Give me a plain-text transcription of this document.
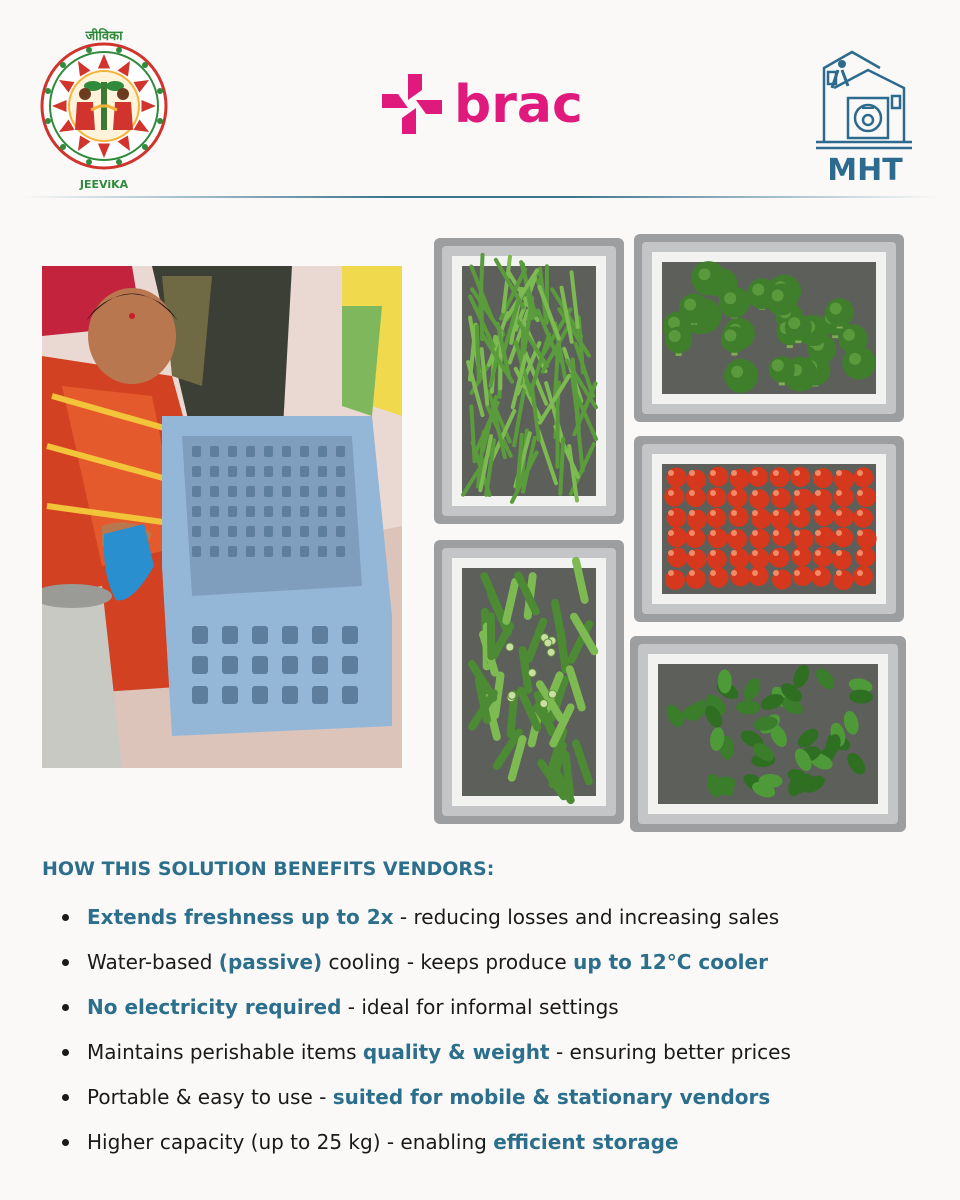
जीविका
JEEViKA
brac
MHT
HOW THIS SOLUTION BENEFITS VENDORS:
Extends freshness up to 2x - reducing losses and increasing sales
Water-based (passive) cooling - keeps produce up to 12°C cooler
No electricity required - ideal for informal settings
Maintains perishable items quality & weight - ensuring better prices
Portable & easy to use - suited for mobile & stationary vendors
Higher capacity (up to 25 kg) - enabling efficient storage
